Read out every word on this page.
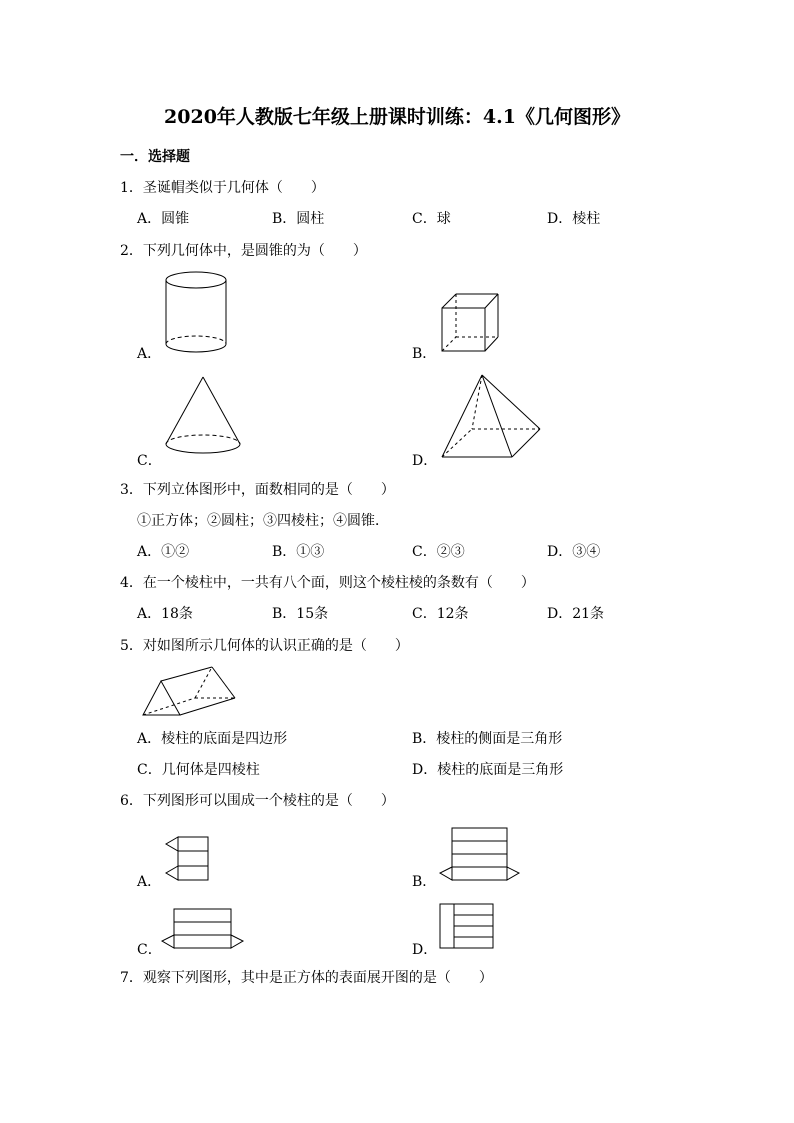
2020年人教版七年级上册课时训练：4.1《几何图形》
一．选择题
1．圣诞帽类似于几何体（　　）
A．圆锥	B．圆柱	C．球	D．棱柱
2．下列几何体中，是圆锥的为（　　）
A．	B．
C．	D．
3．下列立体图形中，面数相同的是（　　）
①正方体；②圆柱；③四棱柱；④圆锥．
A．①②	B．①③	C．②③	D．③④
4．在一个棱柱中，一共有八个面，则这个棱柱棱的条数有（　　）
A．18条	B．15条	C．12条	D．21条
5．对如图所示几何体的认识正确的是（　　）
A．棱柱的底面是四边形	B．棱柱的侧面是三角形
C．几何体是四棱柱	D．棱柱的底面是三角形
6．下列图形可以围成一个棱柱的是（　　）
A．	B．
C．	D．
7．观察下列图形，其中是正方体的表面展开图的是（　　）
